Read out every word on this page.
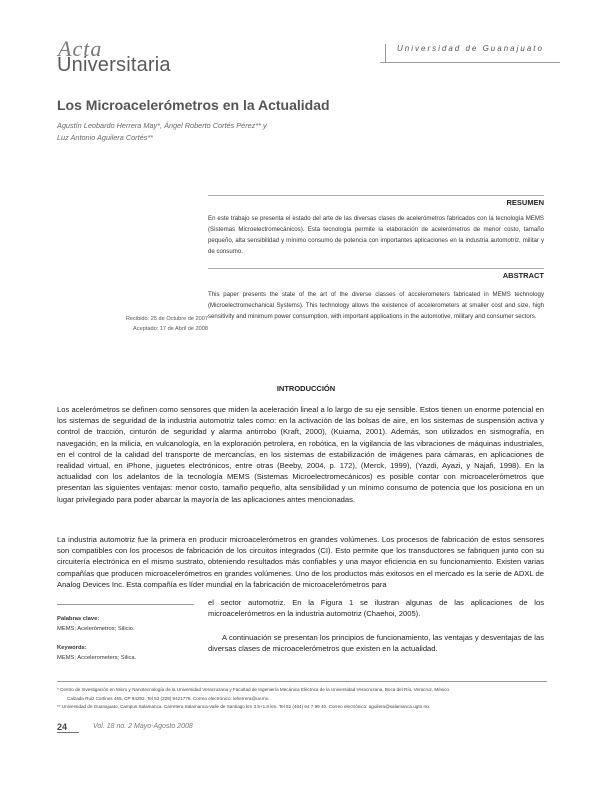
Acta
Universitaria
Universidad de Guanajuato
Los Microacelerómetros en la Actualidad
Agustín Leobardo Herrera May*, Ángel Roberto Cortés Pérez** y
Luz Antonio Aguilera Cortés**
RESUMEN
En este trabajo se presenta el estado del arte de las diversas clases de acelerómetros fabricados con la tecnología MEMS (Sistemas Microelectromecánicos). Esta tecnología permite la elaboración de acelerómetros de menor costo, tamaño pequeño, alta sensibilidad y mínimo consumo de potencia con importantes aplicaciones en la industria automotriz, militar y de consumo.
ABSTRACT
This paper presents the state of the art of the diverse classes of accelerometers fabricated in MEMS technology (Microelectromechanical Systems). This technology allows the existence of accelerometers at smaller cost and size, high sensitivity and minimum power consumption, with important applications in the automotive, military and consumer sectors.
Recibido: 25 de Octubre de 2007
Aceptado: 17 de Abril de 2008
INTRODUCCIÓN
Los acelerómetros se definen como sensores que miden la aceleración lineal a lo largo de su eje sensible. Estos tienen un enorme potencial en los sistemas de seguridad de la industria automotriz tales como: en la activación de las bolsas de aire, en los sistemas de suspensión activa y control de tracción, cinturón de seguridad y alarma antirrobo (Kraft, 2000), (Kuiama, 2001). Además, son utilizados en sismografía, en navegación, en la milicia, en vulcanología, en la exploración petrolera, en robótica, en la vigilancia de las vibraciones de máquinas industriales, en el control de la calidad del transporte de mercancías, en los sistemas de estabilización de imágenes para cámaras, en aplicaciones de realidad virtual, en iPhone, juguetes electrónicos, entre otras (Beeby, 2004, p. 172), (Merck, 1999), (Yazdi, Ayazi, y Najafi, 1998). En la actualidad con los adelantos de la tecnología MEMS (Sistemas Microelectromecánicos) es posible contar con microacelerómetros que presentan las siguientes ventajas: menor costo, tamaño pequeño, alta sensibilidad y un mínimo consumo de potencia que los posiciona en un lugar privilegiado para poder abarcar la mayoría de las aplicaciones antes mencionadas.
La industria automotriz fue la primera en producir microacelerómetros en grandes volúmenes. Los procesos de fabricación de estos sensores son compatibles con los procesos de fabricación de los circuitos integrados (CI). Esto permite que los transductores se fabriquen junto con su circuitería electrónica en el mismo sustrato, obteniendo resultados más confiables y una mayor eficiencia en su funcionamiento. Existen varias compañías que producen microacelerómetros en grandes volúmenes. Uno de los productos más exitosos en el mercado es la serie de ADXL de Analog Devices Inc. Esta compañía es líder mundial en la fabricación de microacelerómetros para
el sector automotriz. En la Figura 1 se ilustran algunas de las aplicaciones de los microacelerómetros en la industria automotriz (Chaehoi, 2005).
A continuación se presentan los principios de funcionamiento, las ventajas y desventajas de las diversas clases de microacelerómetros que existen en la actualidad.
Palabras clave:
MEMS; Acelerómetros; Silicio.
Keywords:
MEMS; Accelerometers; Silica.
* Centro de Investigación en Micro y Nanotecnología de la Universidad Veracruzana y Facultad de Ingeniería Mecánica Eléctrica de la Universidad Veracruzana, Boca del Río, Veracruz, México.
Calzada Ruiz Cortines 455, CP 94292. Tel 52 (229) 9421778. Correo electrónico: leherrera@uv.mx.
** Universidad de Guanajuato, Campus Salamanca. Carretera Salamanca-Valle de Santiago km 3.5+1.8 km. Tel 52 (464) 64 7 99 40. Correo electrónico: aguilera@salamanca.ugto.mx
24	Vol. 18 no. 2 Mayo-Agosto 2008
